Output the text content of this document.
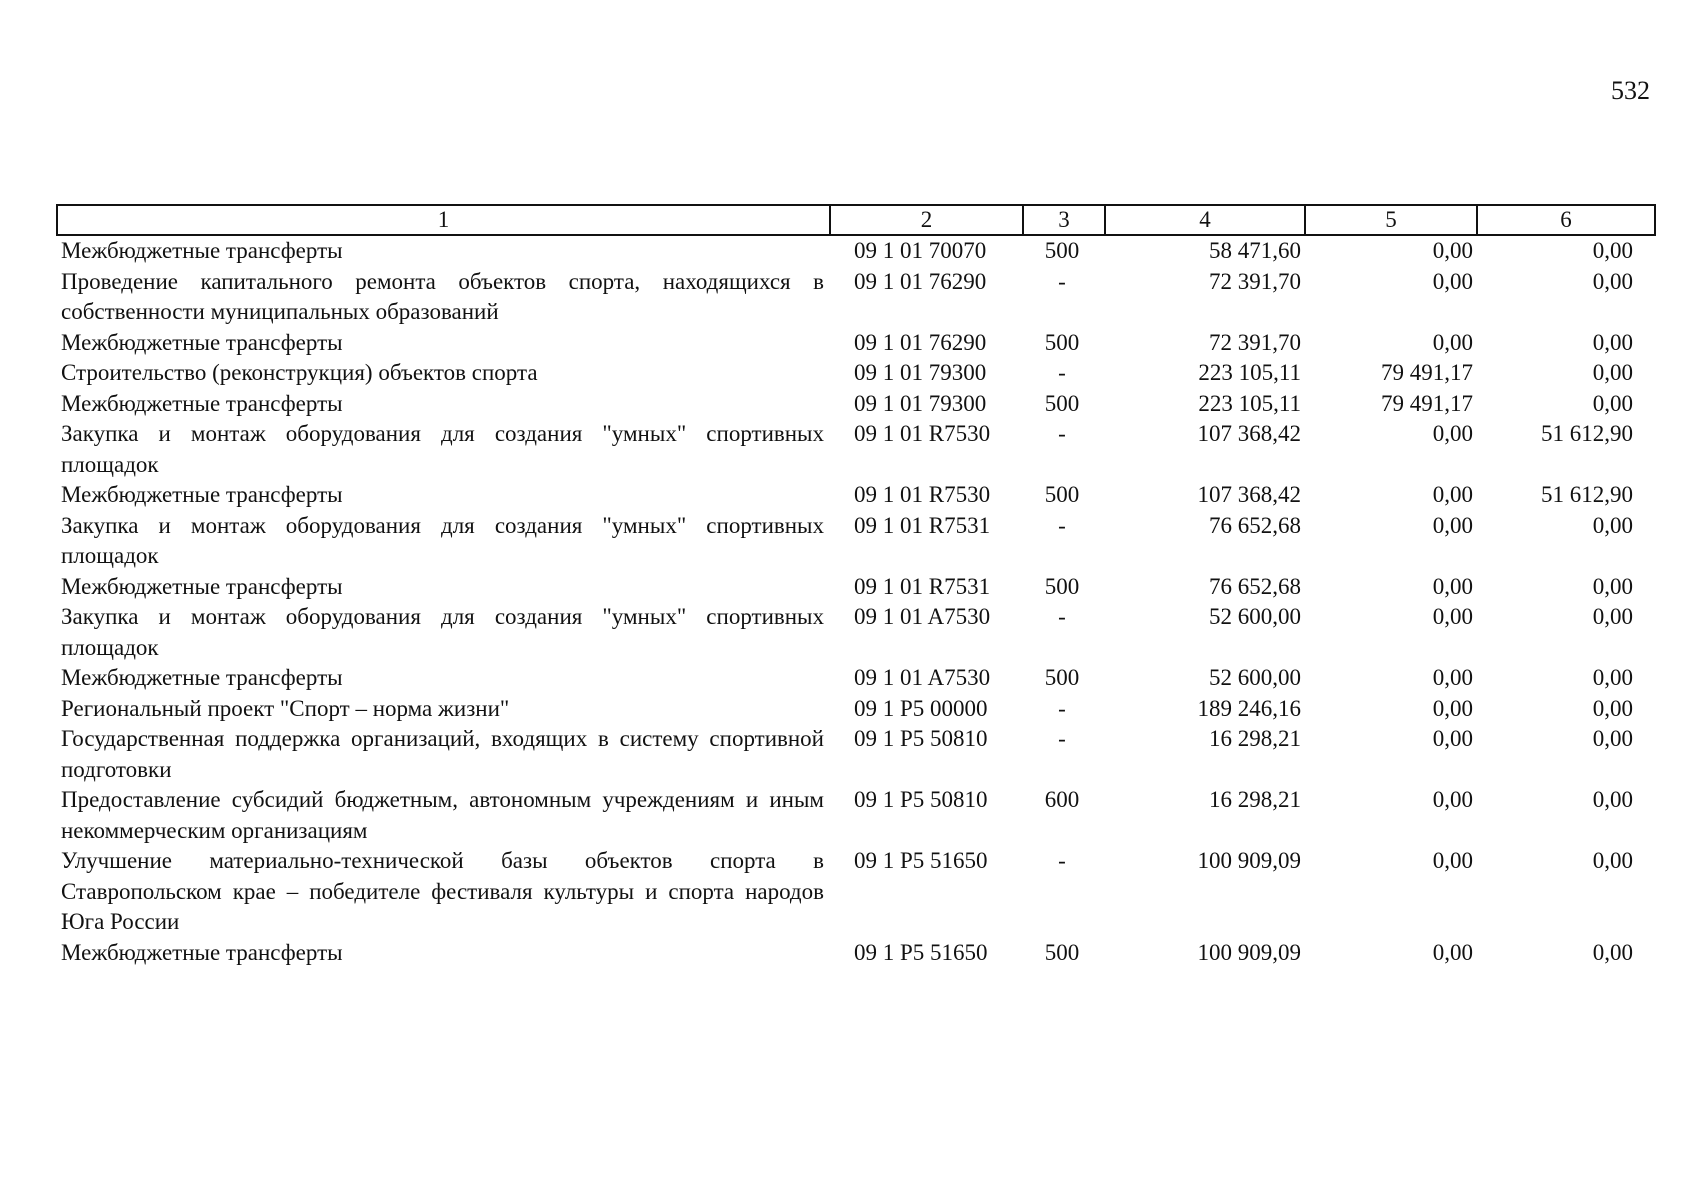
532
1	2	3	4	5	6
Межбюджетные трансферты	09 1 01 70070	500	58 471,60	0,00	0,00
Проведение капитального ремонта объектов спорта, находящихся в собственности муниципальных образований	09 1 01 76290	-	72 391,70	0,00	0,00
Межбюджетные трансферты	09 1 01 76290	500	72 391,70	0,00	0,00
Строительство (реконструкция) объектов спорта	09 1 01 79300	-	223 105,11	79 491,17	0,00
Межбюджетные трансферты	09 1 01 79300	500	223 105,11	79 491,17	0,00
Закупка и монтаж оборудования для создания "умных" спортивных площадок	09 1 01 R7530	-	107 368,42	0,00	51 612,90
Межбюджетные трансферты	09 1 01 R7530	500	107 368,42	0,00	51 612,90
Закупка и монтаж оборудования для создания "умных" спортивных площадок	09 1 01 R7531	-	76 652,68	0,00	0,00
Межбюджетные трансферты	09 1 01 R7531	500	76 652,68	0,00	0,00
Закупка и монтаж оборудования для создания "умных" спортивных площадок	09 1 01 A7530	-	52 600,00	0,00	0,00
Межбюджетные трансферты	09 1 01 A7530	500	52 600,00	0,00	0,00
Региональный проект "Спорт – норма жизни"	09 1 P5 00000	-	189 246,16	0,00	0,00
Государственная поддержка организаций, входящих в систему спортивной подготовки	09 1 P5 50810	-	16 298,21	0,00	0,00
Предоставление субсидий бюджетным, автономным учреждениям и иным некоммерческим организациям	09 1 P5 50810	600	16 298,21	0,00	0,00
Улучшение материально-технической базы объектов спорта в Ставропольском крае – победителе фестиваля культуры и спорта народов Юга России	09 1 P5 51650	-	100 909,09	0,00	0,00
Межбюджетные трансферты	09 1 P5 51650	500	100 909,09	0,00	0,00
